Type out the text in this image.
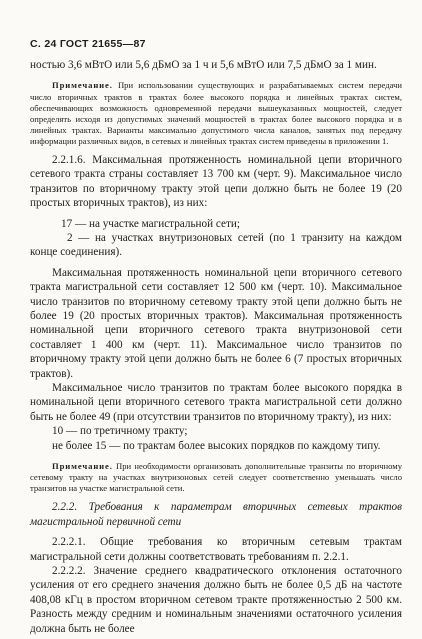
С. 24 ГОСТ 21655—87

ностью 3,6 мВтО или 5,6 дБмО за 1 ч и 5,6 мВтО или 7,5 дБмО за 1 мин.

Примечание. При использовании существующих и разрабатываемых систем передачи число вторичных трактов в трактах более высокого порядка и линейных трактах систем, обеспечивающих возможность одновременной передачи вышеуказанных мощностей, следует определять исходя из допустимых значений мощностей в трактах более высокого порядка и в линейных трактах. Варианты максимально допустимого числа каналов, занятых под передачу информации различных видов, в сетевых и линейных трактах систем приведены в приложении 1.

2.2.1.6. Максимальная протяженность номинальной цепи вторичного сетевого тракта страны составляет 13 700 км (черт. 9). Максимальное число транзитов по вторичному тракту этой цепи должно быть не более 19 (20 простых вторичных трактов), из них:

17 — на участке магистральной сети;

2 — на участках внутризоновых сетей (по 1 транзиту на каждом конце соединения).

Максимальная протяженность номинальной цепи вторичного сетевого тракта магистральной сети составляет 12 500 км (черт. 10). Максимальное число транзитов по вторичному сетевому тракту этой цепи должно быть не более 19 (20 простых вторичных трактов). Максимальная протяженность номинальной цепи вторичного сетевого тракта внутризоновой сети составляет 1 400 км (черт. 11). Максимальное число транзитов по вторичному тракту этой цепи должно быть не более 6 (7 простых вторичных трактов).

Максимальное число транзитов по трактам более высокого порядка в номинальной цепи вторичного сетевого тракта магистральной сети должно быть не более 49 (при отсутствии транзитов по вторичному тракту), из них:

10 — по третичному тракту;

не более 15 — по трактам более высоких порядков по каждому типу.

Примечание. При необходимости организовать дополнительные транзиты по вторичному сетевому тракту на участках внутризоновых сетей следует соответственно уменьшать число транзитов на участке магистральной сети.

2.2.2. Требования к параметрам вторичных сетевых трактов магистральной первичной сети

2.2.2.1. Общие требования ко вторичным сетевым трактам магистральной сети должны соответствовать требованиям п. 2.2.1.

2.2.2.2. Значение среднего квадратического отклонения остаточного усиления от его среднего значения должно быть не более 0,5 дБ на частоте 408,08 кГц в простом вторичном сетевом тракте протяженностью 2 500 км. Разность между средним и номинальным значениями остаточного усиления должна быть не более
